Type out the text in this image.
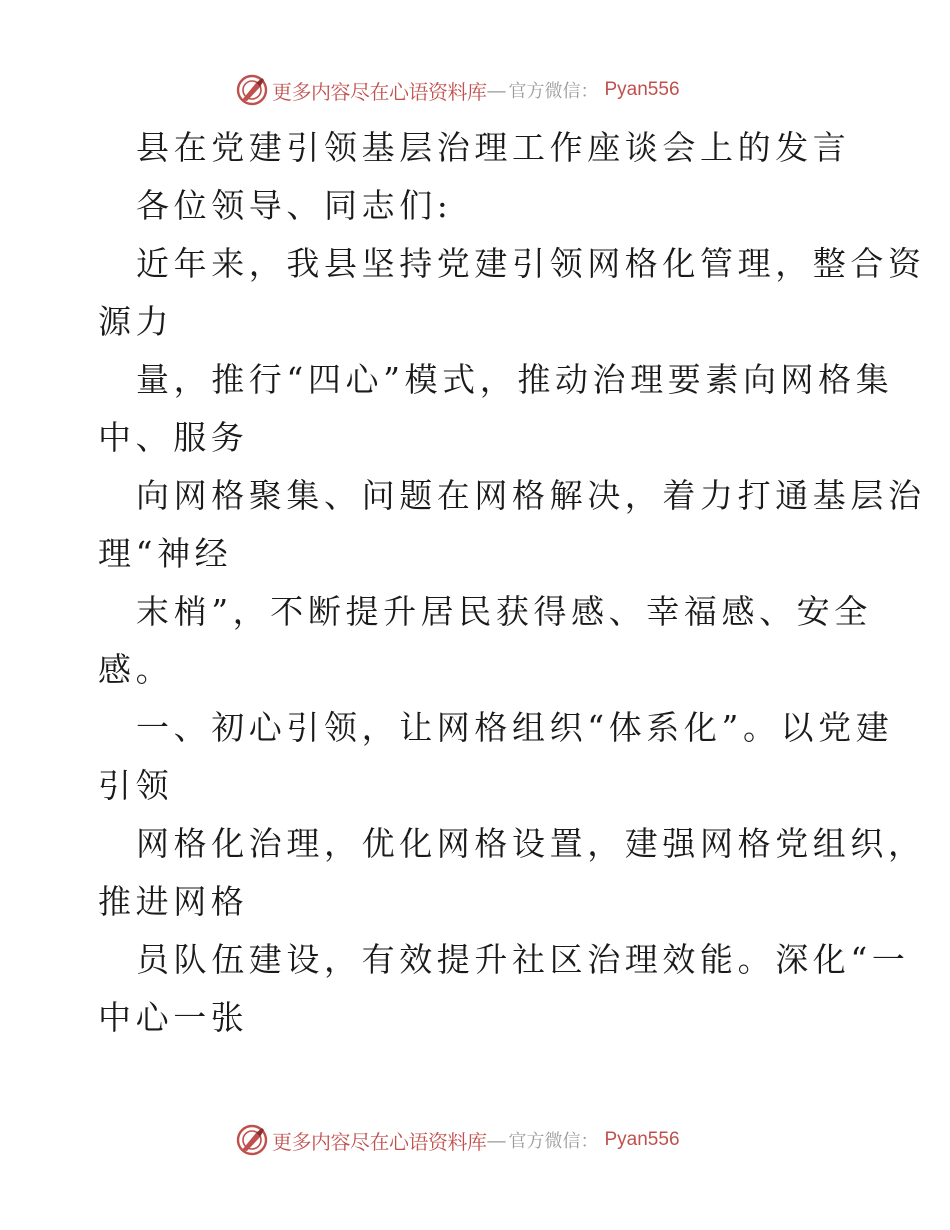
更多内容尽在心语资料库 — 官方微信： Pyan556
县在党建引领基层治理工作座谈会上的发言
各位领导、同志们:
近年来，我县坚持党建引领网格化管理，整合资
源力
量，推行“四心”模式，推动治理要素向网格集
中、服务
向网格聚集、问题在网格解决，着力打通基层治
理“神经
末梢”，不断提升居民获得感、幸福感、安全
感。
一、初心引领，让网格组织“体系化”。以党建
引领
网格化治理，优化网格设置，建强网格党组织，
推进网格
员队伍建设，有效提升社区治理效能。深化“一
中心一张
更多内容尽在心语资料库 — 官方微信： Pyan556
